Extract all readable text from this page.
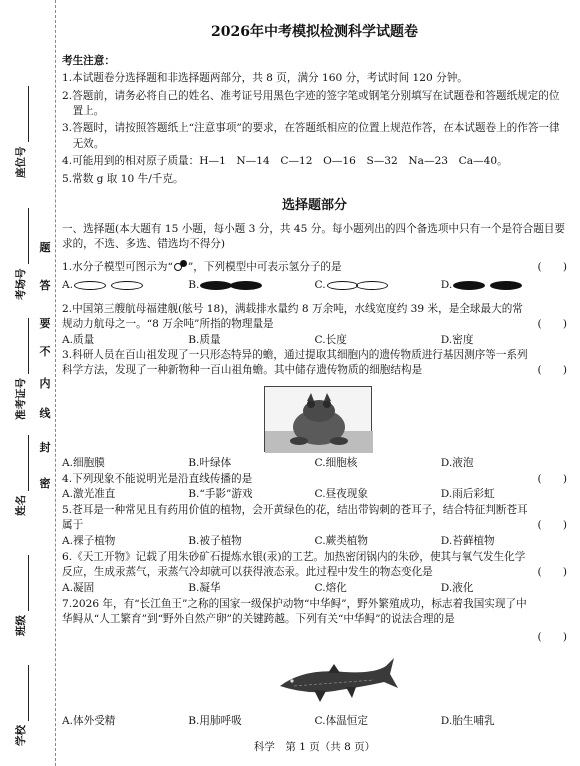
座位号
考场号
准考证号
姓名
班级
学校
题
答
要
不
内
线
封
密
2026年中考模拟检测科学试题卷
考生注意：

1.本试题卷分选择题和非选择题两部分，共 8 页，满分 160 分，考试时间 120 分钟。

2.答题前，请务必将自己的姓名、准考证号用黑色字迹的签字笔或钢笔分别填写在试题卷和答题纸规定的位置上。

3.答题时，请按照答题纸上“注意事项”的要求，在答题纸相应的位置上规范作答，在本试题卷上的作答一律无效。

4.可能用到的相对原子质量：H—1　N—14　C—12　O—16　S—32　Na—23　Ca—40。

5.常数 g 取 10 牛/千克。

选择题部分
一、选择题(本大题有 15 小题，每小题 3 分，共 45 分。每小题列出的四个备选项中只有一个是符合题目要求的，不选、多选、错选均不得分)
1.水分子模型可图示为“ ”，下列模型中可表示氢分子的是	(　　)
A.	B.	C.	D.
2.中国第三艘航母福建舰(舷号 18)，满载排水量约 8 万余吨，水线宽度约 39 米，是全球最大的常规动力航母之一。“8 万余吨”所指的物理量是	(　　)
A.质量	B.质量	C.长度	D.密度
3.科研人员在百山祖发现了一只形态特异的蟾，通过提取其细胞内的遗传物质进行基因测序等一系列科学方法，发现了一种新物种一百山祖角蟾。其中储存遗传物质的细胞结构是	(　　)
A.细胞膜	B.叶绿体	C.细胞核	D.液泡
4.下列现象不能说明光是沿直线传播的是	(　　)
A.激光准直	B.“手影”游戏	C.昼夜现象	D.雨后彩虹
5.苍耳是一种常见且有药用价值的植物，会开黄绿色的花，结出带钩刺的苍耳子，结合特征判断苍耳属于	(　　)
A.裸子植物	B.被子植物	C.蕨类植物	D.苔藓植物
6.《天工开物》记载了用朱砂矿石提炼水银(汞)的工艺。加热密闭锅内的朱砂，使其与氧气发生化学反应，生成汞蒸气，汞蒸气冷却就可以获得液态汞。此过程中发生的物态变化是	(　　)
A.凝固	B.凝华	C.熔化	D.液化
7.2026 年，有“长江鱼王”之称的国家一级保护动物“中华鲟”，野外繁殖成功，标志着我国实现了中华鲟从“人工繁育”到“野外自然产卵”的关键跨越。下列有关“中华鲟”的说法合理的是
(　　)
A.体外受精	B.用肺呼吸	C.体温恒定	D.胎生哺乳
科学　第 1 页（共 8 页）
